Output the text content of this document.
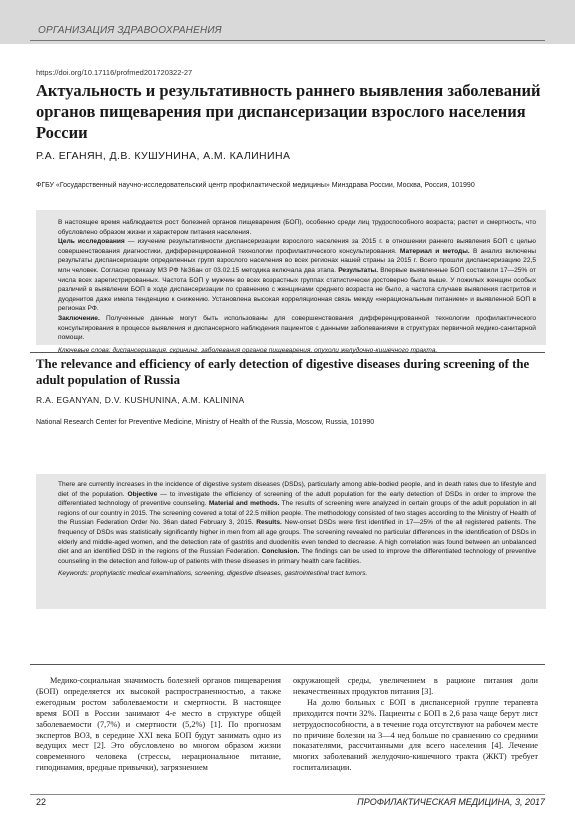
ОРГАНИЗАЦИЯ ЗДРАВООХРАНЕНИЯ
https://doi.org/10.17116/profmed201720322-27
Актуальность и результативность раннего выявления заболеваний органов пищеварения при диспансеризации взрослого населения России
Р.А. ЕГАНЯН, Д.В. КУШУНИНА, А.М. КАЛИНИНА
ФГБУ «Государственный научно-исследовательский центр профилактической медицины» Минздрава России, Москва, Россия, 101990

В настоящее время наблюдается рост болезней органов пищеварения (БОП), особенно среди лиц трудоспособного возраста; растет и смертность, что обусловлено образом жизни и характером питания населения.
Цель исследования — изучение результативности диспансеризации взрослого населения за 2015 г. в отношении раннего выявления БОП с целью совершенствования диагностики, дифференцированной технологии профилактического консультирования. Материал и методы. В анализ включены результаты диспансеризации определенных групп взрослого населения во всех регионах нашей страны за 2015 г. Всего прошли диспансеризацию 22,5 млн человек. Согласно приказу МЗ РФ №36ан от 03.02.15 методика включала два этапа. Результаты. Впервые выявленные БОП составили 17—25% от числа всех зарегистрированных. Частота БОП у мужчин во всех возрастных группах статистически достоверно была выше. У пожилых женщин особых различий в выявлении БОП в ходе диспансеризации по сравнению с женщинами среднего возраста не было, а частота случаев выявления гастритов и дуоденитов даже имела тенденцию к снижению. Установлена высокая корреляционная связь между «нерациональным питанием» и выявленной БОП в регионах РФ.
Заключение. Полученные данные могут быть использованы для совершенствования дифференцированной технологии профилактического консультирования в процессе выявления и диспансерного наблюдения пациентов с данными заболеваниями в структурах первичной медико-санитарной помощи.

Ключевые слова: диспансеризация, скрининг, заболевания органов пищеварения, опухоли желудочно-кишечного тракта.

The relevance and efficiency of early detection of digestive diseases during screening of the adult population of Russia
R.A. EGANYAN, D.V. KUSHUNINA, A.M. KALININA
National Research Center for Preventive Medicine, Ministry of Health of the Russia, Moscow, Russia, 101990

There are currently increases in the incidence of digestive system diseases (DSDs), particularly among able-bodied people, and in death rates due to lifestyle and diet of the population. Objective — to investigate the efficiency of screening of the adult population for the early detection of DSDs in order to improve the differentiated technology of preventive counseling. Material and methods. The results of screening were analyzed in certain groups of the adult population in all regions of our country in 2015. The screening covered a total of 22.5 million people. The methodology consisted of two stages according to the Ministry of Health of the Russian Federation Order No. 36an dated February 3, 2015. Results. New-onset DSDs were first identified in 17—25% of the all registered patients. The frequency of DSDs was statistically significantly higher in men from all age groups. The screening revealed no particular differences in the identification of DSDs in elderly and middle-aged women, and the detection rate of gastritis and duodenitis even tended to decrease. A high correlation was found between an unbalanced diet and an identified DSD in the regions of the Russian Federation. Conclusion. The findings can be used to improve the differentiated technology of preventive counseling in the detection and follow-up of patients with these diseases in primary health care facilities.

Keywords: prophylactic medical examinations, screening, digestive diseases, gastrointestinal tract tumors.

Медико-социальная значимость болезней органов пищеварения (БОП) определяется их высокой распространенностью, а также ежегодным ростом заболеваемости и смертности. В настоящее время БОП в России занимают 4-е место в структуре общей заболеваемости (7,7%) и смертности (5,2%) [1]. По прогнозам экспертов ВОЗ, в середине XXI века БОП будут занимать одно из ведущих мест [2]. Это обусловлено во многом образом жизни современного человека (стрессы, нерациональное питание, гиподинамия, вредные привычки), загрязнением

окружающей среды, увеличением в рационе питания доли некачественных продуктов питания [3].

На долю больных с БОП в диспансерной группе терапевта приходится почти 32%. Пациенты с БОП в 2,6 раза чаще берут лист нетрудоспособности, а в течение года отсутствуют на рабочем месте по причине болезни на 3—4 нед больше по сравнению со средними показателями, рассчитанными для всего населения [4]. Лечение многих заболеваний желудочно-кишечного тракта (ЖКТ) требует госпитализации.

22	ПРОФИЛАКТИЧЕСКАЯ МЕДИЦИНА, 3, 2017
